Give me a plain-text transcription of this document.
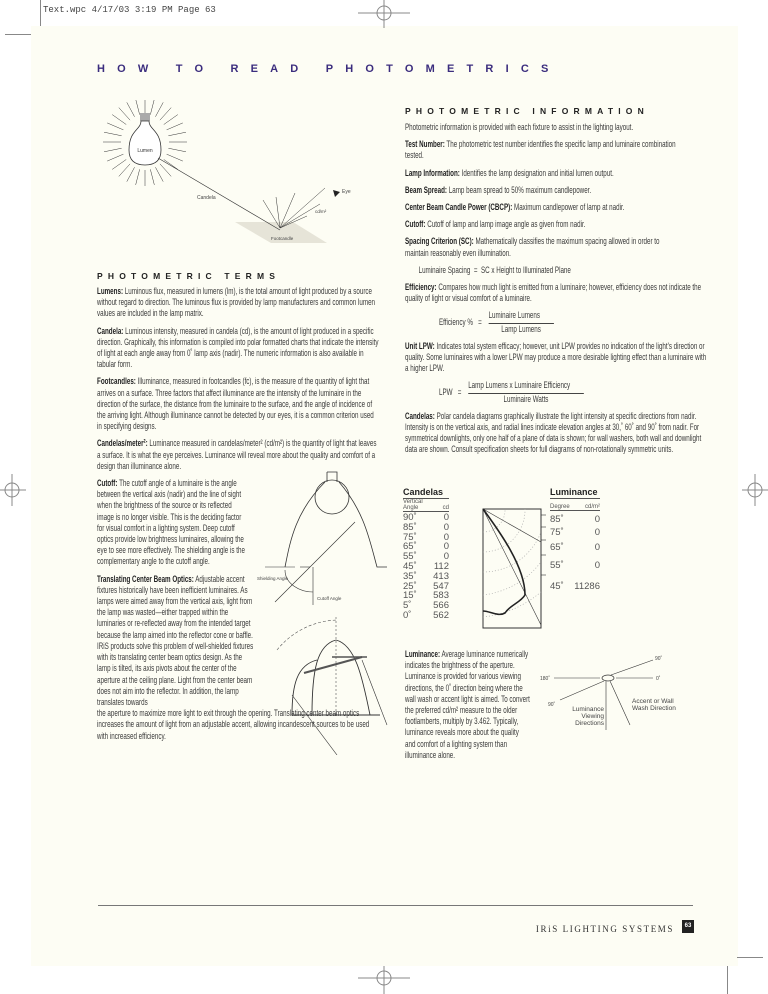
Text.wpc 4/17/03 3:19 PM Page 63
HOW TO READ PHOTOMETRICS
Lumen
Candela
Eye
cd/m²
Footcandle
PHOTOMETRIC TERMS

Lumens: Luminous flux, measured in lumens (lm), is the total amount of light produced by a source without regard to direction. The luminous flux is provided by lamp manufacturers and common lumen values are included in the lamp matrix.

Candela: Luminous intensity, measured in candela (cd), is the amount of light produced in a specific direction. Graphically, this information is compiled into polar formatted charts that indicate the intensity of light at each angle away from 0˚ lamp axis (nadir). The numeric information is also available in tabular form.

Footcandles: Illuminance, measured in footcandles (fc), is the measure of the quantity of light that arrives on a surface. Three factors that affect illuminance are the intensity of the luminaire in the direction of the surface, the distance from the luminaire to the surface, and the angle of incidence of the arriving light. Although illuminance cannot be detected by our eyes, it is a common criterion used in specifying designs.

Candelas/meter²: Luminance measured in candelas/meter² (cd/m²) is the quantity of light that leaves a surface. It is what the eye perceives. Luminance will reveal more about the quality and comfort of a design than illuminance alone.

Cutoff: The cutoff angle of a luminaire is the angle between the vertical axis (nadir) and the line of sight when the brightness of the source or its reflected image is no longer visible. This is the deciding factor for visual comfort in a lighting system. Deep cutoff optics provide low brightness luminaires, allowing the eye to see more effectively. The shielding angle is the complementary angle to the cutoff angle.

Translating Center Beam Optics: Adjustable accent fixtures historically have been inefficient luminaires. As lamps were aimed away from the vertical axis, light from the lamp was wasted—either trapped within the luminaries or re-reflected away from the intended target because the lamp aimed into the reflector cone or baffle. IRiS products solve this problem of well-shielded fixtures with its translating center beam optics design. As the lamp is tilted, its axis pivots about the center of the aperture at the ceiling plane. Light from the center beam does not aim into the reflector. In addition, the lamp translates towards

the aperture to maximize more light to exit through the opening. Translating center beam optics increases the amount of light from an adjustable accent, allowing incandescent sources to be used with increased efficiency.

Shielding Angle
Cutoff Angle
PHOTOMETRIC INFORMATION

Photometric information is provided with each fixture to assist in the lighting layout.

Test Number: The photometric test number identifies the specific lamp and luminaire combination tested.

Lamp Information: Identifies the lamp designation and initial lumen output.

Beam Spread: Lamp beam spread to 50% maximum candlepower.

Center Beam Candle Power (CBCP): Maximum candlepower of lamp at nadir.

Cutoff: Cutoff of lamp and lamp image angle as given from nadir.

Spacing Criterion (SC): Mathematically classifies the maximum spacing allowed in order to maintain reasonably even illumination.

Luminaire Spacing  =  SC x Height to Illuminated Plane

Efficiency: Compares how much light is emitted from a luminaire; however, efficiency does not indicate the quality of light or visual comfort of a luminaire.

Efficiency %   = $\frac{\text{Luminaire Lumens}}{\text{Lamp Lumens}}$

Unit LPW: Indicates total system efficacy; however, unit LPW provides no indication of the light's direction or quality. Some luminaires with a lower LPW may produce a more desirable lighting effect than a luminaire with a higher LPW.

LPW   = $\frac{\text{Lamp Lumens x Luminaire Efficiency}}{\text{Luminaire Watts}}$

Candelas: Polar candela diagrams graphically illustrate the light intensity at specific directions from nadir. Intensity is on the vertical axis, and radial lines indicate elevation angles at 30,˚ 60˚ and 90˚ from nadir. For symmetrical downlights, only one half of a plane of data is shown; for wall washers, both wall and downlight data are shown. Consult specification sheets for full diagrams of non-rotationally symmetric units.

Candelas
Vertical Angle	cd
90˚	0
85˚	0
75˚	0
65˚	0
55˚	0
45˚	112
35˚	413
25˚	547
15˚	583
5˚	566
0˚	562
Luminance
Degree	cd/m²
85˚	0
75˚	0
65˚	0
55˚	0
45˚ 11286

Luminance: Average luminance numerically indicates the brightness of the aperture. Luminance is provided for various viewing directions, the 0˚ direction being where the wall wash or accent light is aimed. To convert the preferred cd/m² measure to the older footlamberts, multiply by 3.462. Typically, luminance reveals more about the quality and comfort of a lighting system than illuminance alone.

90˚
180˚	0˚
90˚
Luminance Viewing Directions
Accent or Wall Wash Direction
IRiS LIGHTING SYSTEMS	63
